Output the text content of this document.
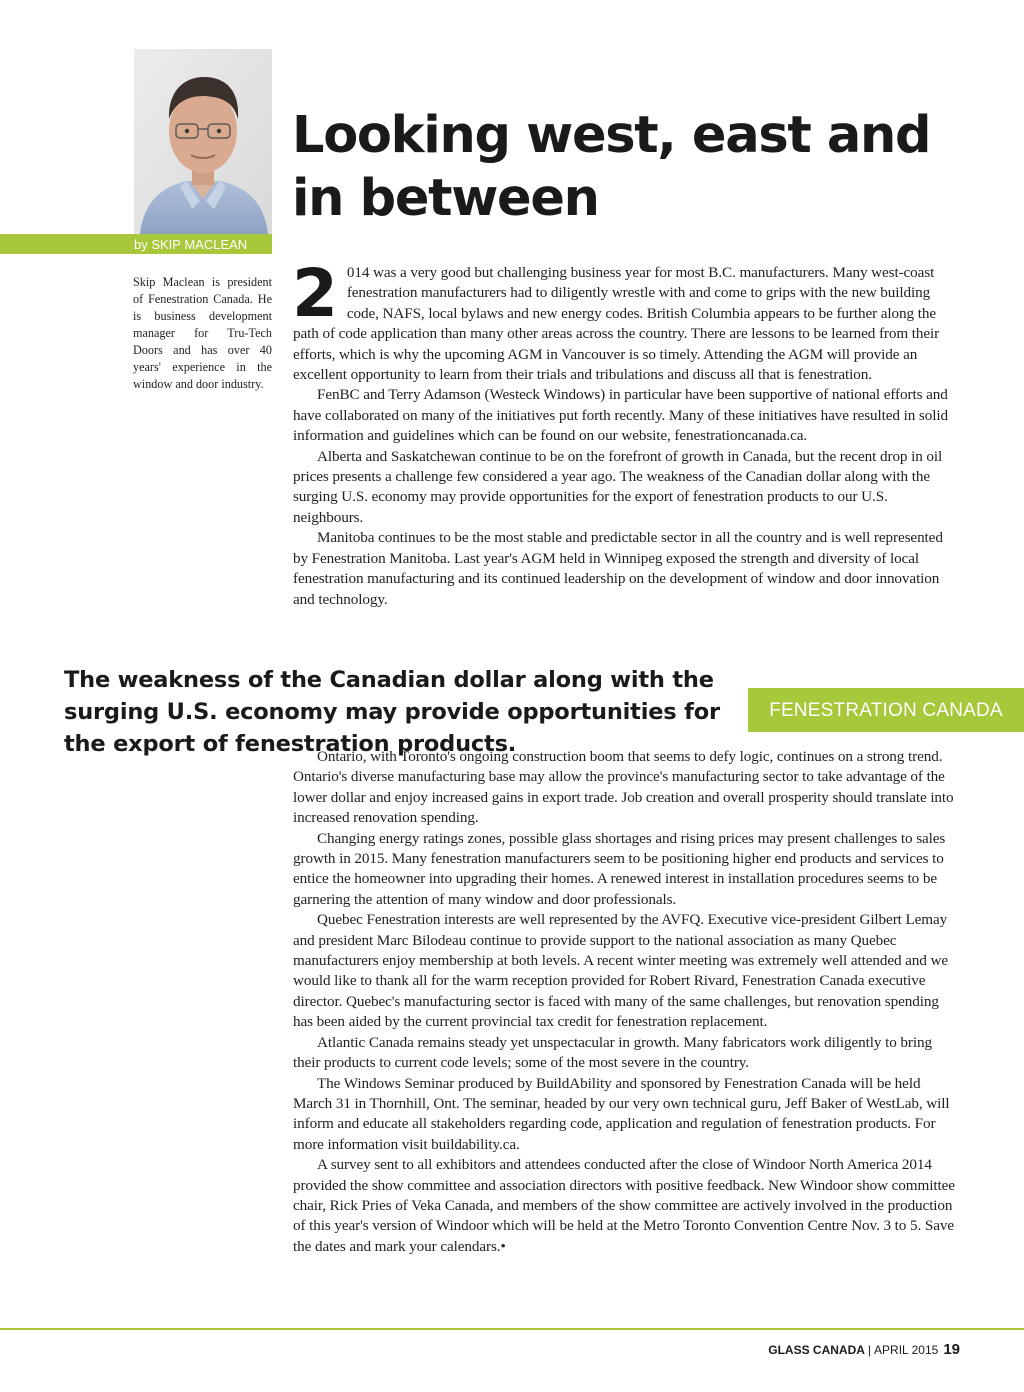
by SKIP MACLEAN
Skip Maclean is president of Fenestration Canada. He is business development manager for Tru-Tech Doors and has over 40 years' experience in the window and door industry.
Looking west, east and in between

2 014 was a very good but challenging business year for most B.C. manufacturers. Many west-coast fenestration manufacturers had to diligently wrestle with and come to grips with the new building code, NAFS, local bylaws and new energy codes. British Columbia appears to be further along the path of code application than many other areas across the country. There are lessons to be learned from their efforts, which is why the upcoming AGM in Vancouver is so timely. Attending the AGM will provide an excellent opportunity to learn from their trials and tribulations and discuss all that is fenestration.

FenBC and Terry Adamson (Westeck Windows) in particular have been supportive of national efforts and have collaborated on many of the initiatives put forth recently. Many of these initiatives have resulted in solid information and guidelines which can be found on our website, fenestrationcanada.ca.

Alberta and Saskatchewan continue to be on the forefront of growth in Canada, but the recent drop in oil prices presents a challenge few considered a year ago. The weakness of the Canadian dollar along with the surging U.S. economy may provide opportunities for the export of fenestration products to our U.S. neighbours.

Manitoba continues to be the most stable and predictable sector in all the country and is well represented by Fenestration Manitoba. Last year's AGM held in Winnipeg exposed the strength and diversity of local fenestration manufacturing and its continued leadership on the development of window and door innovation and technology.

The weakness of the Canadian dollar along with the surging U.S. economy may provide opportunities for the export of fenestration products.

FENESTRATION CANADA

Ontario, with Toronto's ongoing construction boom that seems to defy logic, continues on a strong trend. Ontario's diverse manufacturing base may allow the province's manufacturing sector to take advantage of the lower dollar and enjoy increased gains in export trade. Job creation and overall prosperity should translate into increased renovation spending.

Changing energy ratings zones, possible glass shortages and rising prices may present challenges to sales growth in 2015. Many fenestration manufacturers seem to be positioning higher end products and services to entice the homeowner into upgrading their homes. A renewed interest in installation procedures seems to be garnering the attention of many window and door professionals.

Quebec Fenestration interests are well represented by the AVFQ. Executive vice-president Gilbert Lemay and president Marc Bilodeau continue to provide support to the national association as many Quebec manufacturers enjoy membership at both levels. A recent winter meeting was extremely well attended and we would like to thank all for the warm reception provided for Robert Rivard, Fenestration Canada executive director. Quebec's manufacturing sector is faced with many of the same challenges, but renovation spending has been aided by the current provincial tax credit for fenestration replacement.

Atlantic Canada remains steady yet unspectacular in growth. Many fabricators work diligently to bring their products to current code levels; some of the most severe in the country.

The Windows Seminar produced by BuildAbility and sponsored by Fenestration Canada will be held March 31 in Thornhill, Ont. The seminar, headed by our very own technical guru, Jeff Baker of WestLab, will inform and educate all stakeholders regarding code, application and regulation of fenestration products. For more information visit buildability.ca.

A survey sent to all exhibitors and attendees conducted after the close of Windoor North America 2014 provided the show committee and association directors with positive feedback. New Windoor show committee chair, Rick Pries of Veka Canada, and members of the show committee are actively involved in the production of this year's version of Windoor which will be held at the Metro Toronto Convention Centre Nov. 3 to 5. Save the dates and mark your calendars.•

GLASS CANADA | APRIL 2015 19
